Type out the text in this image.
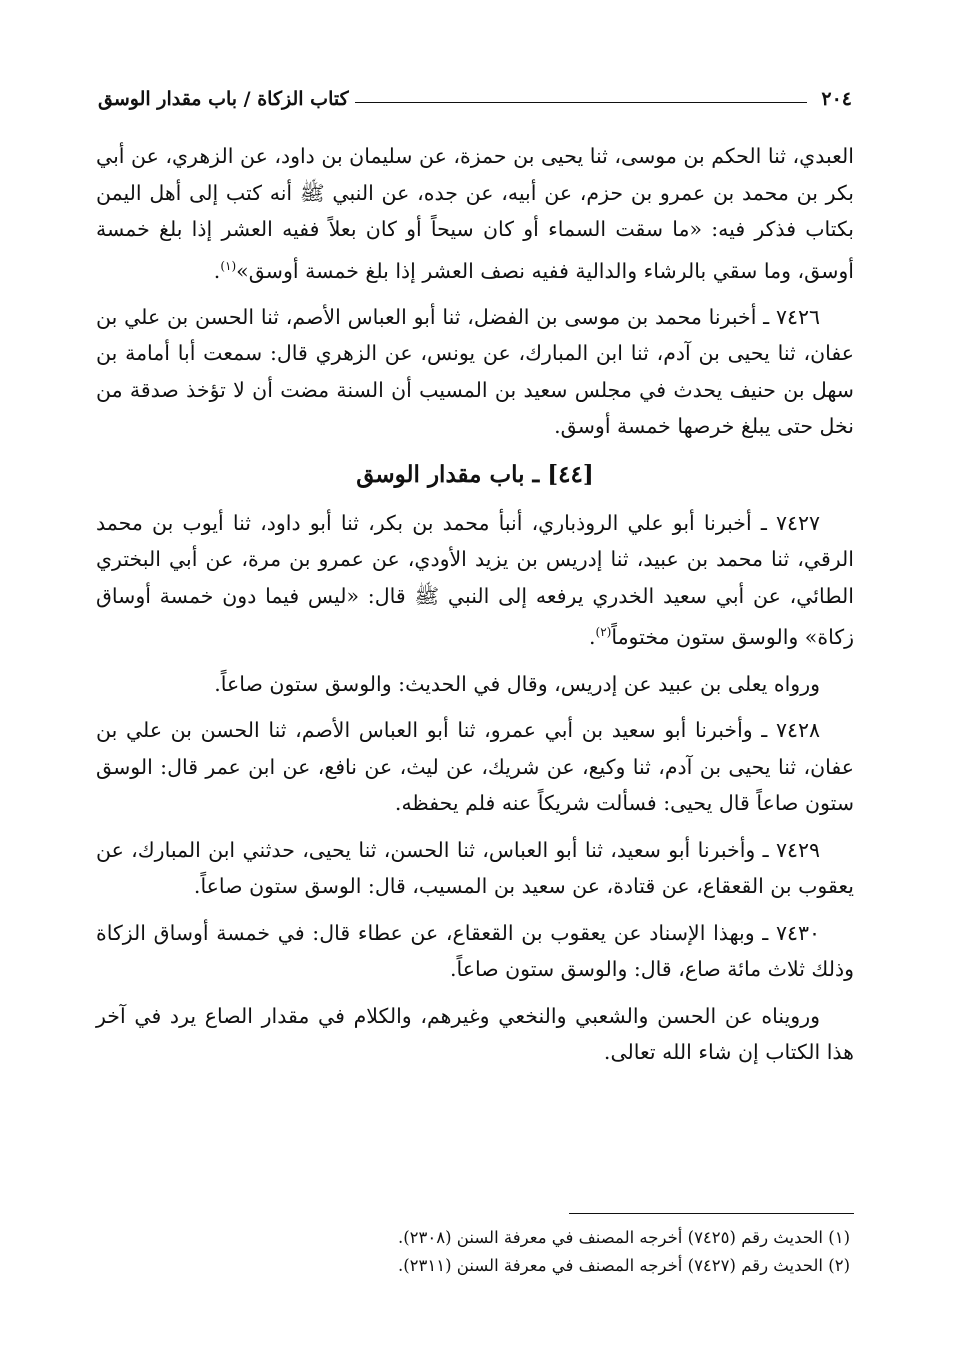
٢٠٤
كتاب الزكاة / باب مقدار الوسق

العبدي، ثنا الحكم بن موسى، ثنا يحيى بن حمزة، عن سليمان بن داود، عن الزهري، عن أبي بكر بن محمد بن عمرو بن حزم، عن أبيه، عن جده، عن النبي ﷺ أنه كتب إلى أهل اليمن بكتاب فذكر فيه: «ما سقت السماء أو كان سيحاً أو كان بعلاً ففيه العشر إذا بلغ خمسة أوسق، وما سقي بالرشاء والدالية ففيه نصف العشر إذا بلغ خمسة أوسق»$^{(١)}$.

٧٤٢٦ ـ أخبرنا محمد بن موسى بن الفضل، ثنا أبو العباس الأصم، ثنا الحسن بن علي بن عفان، ثنا يحيى بن آدم، ثنا ابن المبارك، عن يونس، عن الزهري قال: سمعت أبا أمامة بن سهل بن حنيف يحدث في مجلس سعيد بن المسيب أن السنة مضت أن لا تؤخذ صدقة من نخل حتى يبلغ خرصها خمسة أوسق.

[٤٤] ـ باب مقدار الوسق

٧٤٢٧ ـ أخبرنا أبو علي الروذباري، أنبأ محمد بن بكر، ثنا أبو داود، ثنا أيوب بن محمد الرقي، ثنا محمد بن عبيد، ثنا إدريس بن يزيد الأودي، عن عمرو بن مرة، عن أبي البختري الطائي، عن أبي سعيد الخدري يرفعه إلى النبي ﷺ قال: «ليس فيما دون خمسة أوساق زكاة» والوسق ستون مختوماً$^{(٢)}$.

ورواه يعلى بن عبيد عن إدريس، وقال في الحديث: والوسق ستون صاعاً.

٧٤٢٨ ـ وأخبرنا أبو سعيد بن أبي عمرو، ثنا أبو العباس الأصم، ثنا الحسن بن علي بن عفان، ثنا يحيى بن آدم، ثنا وكيع، عن شريك، عن ليث، عن نافع، عن ابن عمر قال: الوسق ستون صاعاً قال يحيى: فسألت شريكاً عنه فلم يحفظه.

٧٤٢٩ ـ وأخبرنا أبو سعيد، ثنا أبو العباس، ثنا الحسن، ثنا يحيى، حدثني ابن المبارك، عن يعقوب بن القعقاع، عن قتادة، عن سعيد بن المسيب، قال: الوسق ستون صاعاً.

٧٤٣٠ ـ وبهذا الإسناد عن يعقوب بن القعقاع، عن عطاء قال: في خمسة أوساق الزكاة وذلك ثلاث مائة صاع، قال: والوسق ستون صاعاً.

ورويناه عن الحسن والشعبي والنخعي وغيرهم، والكلام في مقدار الصاع يرد في آخر هذا الكتاب إن شاء الله تعالى.

(١) الحديث رقم (٧٤٢٥) أخرجه المصنف في معرفة السنن (٢٣٠٨).

(٢) الحديث رقم (٧٤٢٧) أخرجه المصنف في معرفة السنن (٢٣١١).
